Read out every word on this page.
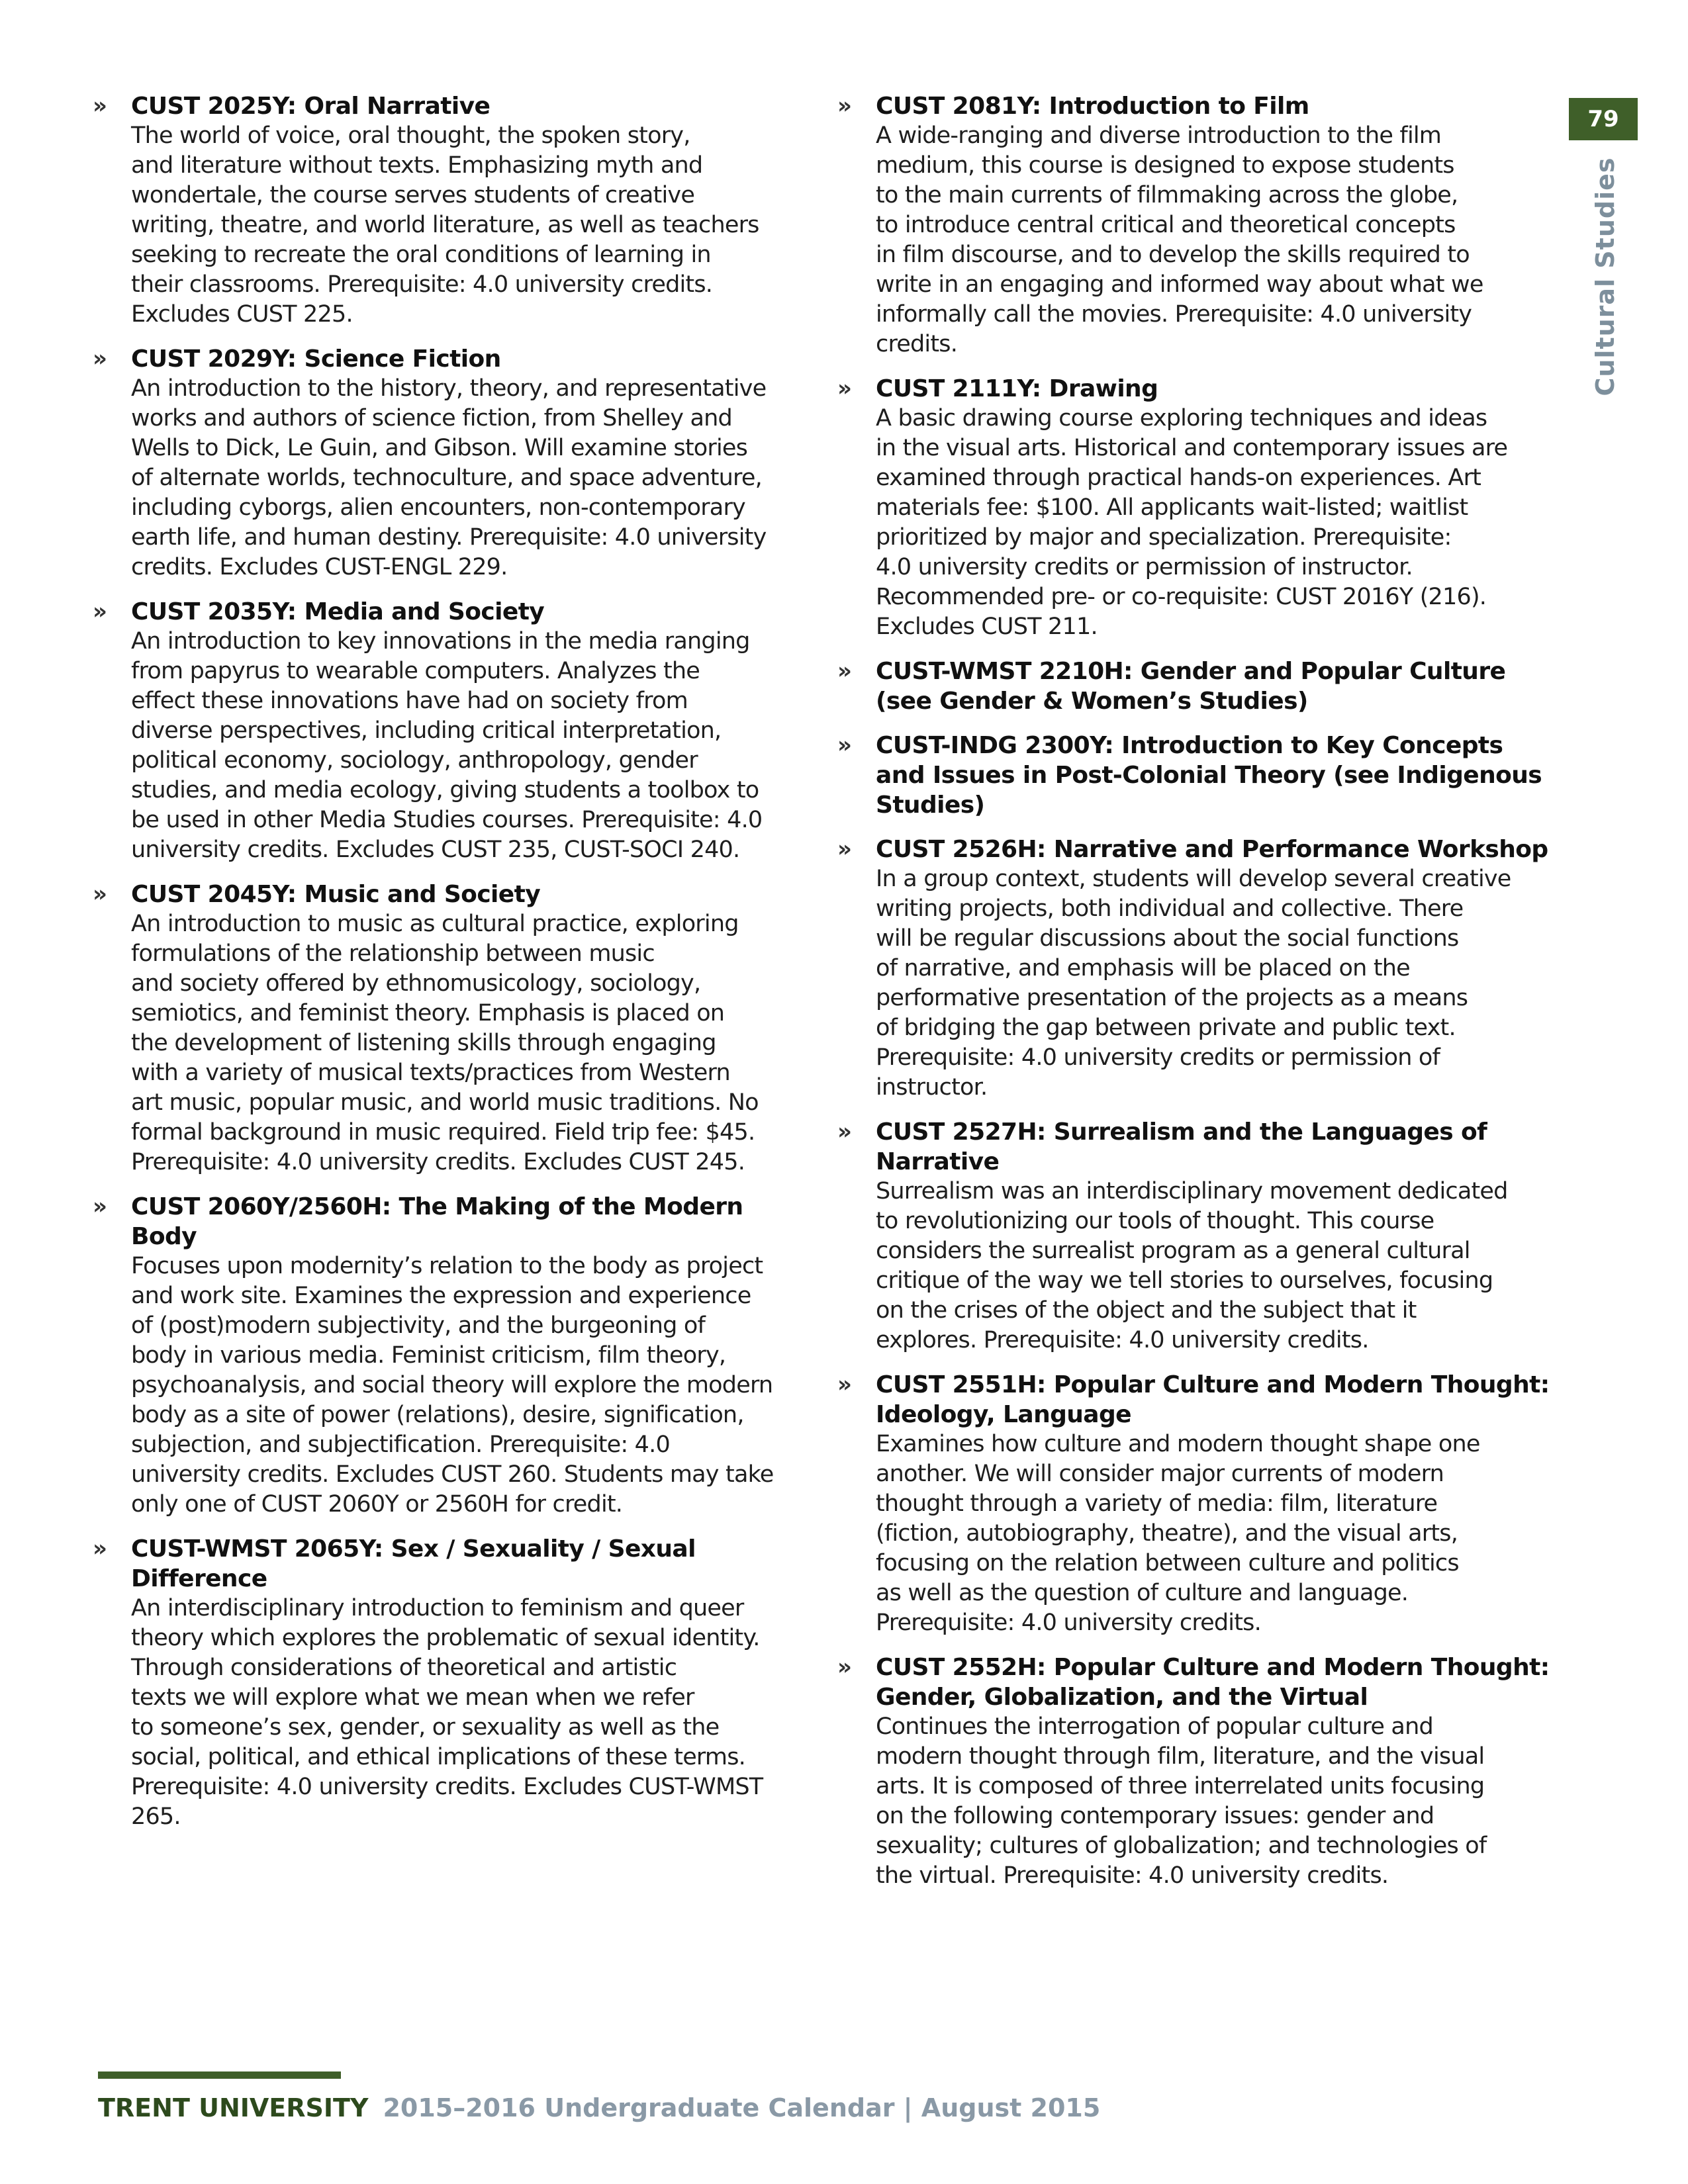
79
Cultural Studies
» CUST 2025Y: Oral Narrative
The world of voice, oral thought, the spoken story,
and literature without texts. Emphasizing myth and
wondertale, the course serves students of creative
writing, theatre, and world literature, as well as teachers
seeking to recreate the oral conditions of learning in
their classrooms. Prerequisite: 4.0 university credits.
Excludes CUST 225.
» CUST 2029Y: Science Fiction
An introduction to the history, theory, and representative
works and authors of science fiction, from Shelley and
Wells to Dick, Le Guin, and Gibson. Will examine stories
of alternate worlds, technoculture, and space adventure,
including cyborgs, alien encounters, non-contemporary
earth life, and human destiny. Prerequisite: 4.0 university
credits. Excludes CUST-ENGL 229.
» CUST 2035Y: Media and Society
An introduction to key innovations in the media ranging
from papyrus to wearable computers. Analyzes the
effect these innovations have had on society from
diverse perspectives, including critical interpretation,
political economy, sociology, anthropology, gender
studies, and media ecology, giving students a toolbox to
be used in other Media Studies courses. Prerequisite: 4.0
university credits. Excludes CUST 235, CUST-SOCI 240.
» CUST 2045Y: Music and Society
An introduction to music as cultural practice, exploring
formulations of the relationship between music
and society offered by ethnomusicology, sociology,
semiotics, and feminist theory. Emphasis is placed on
the development of listening skills through engaging
with a variety of musical texts/practices from Western
art music, popular music, and world music traditions. No
formal background in music required. Field trip fee: $45.
Prerequisite: 4.0 university credits. Excludes CUST 245.
» CUST 2060Y/2560H: The Making of the Modern
Body
Focuses upon modernity’s relation to the body as project
and work site. Examines the expression and experience
of (post)modern subjectivity, and the burgeoning of
body in various media. Feminist criticism, film theory,
psychoanalysis, and social theory will explore the modern
body as a site of power (relations), desire, signification,
subjection, and subjectification. Prerequisite: 4.0
university credits. Excludes CUST 260. Students may take
only one of CUST 2060Y or 2560H for credit.
» CUST-WMST 2065Y: Sex / Sexuality / Sexual
Difference
An interdisciplinary introduction to feminism and queer
theory which explores the problematic of sexual identity.
Through considerations of theoretical and artistic
texts we will explore what we mean when we refer
to someone’s sex, gender, or sexuality as well as the
social, political, and ethical implications of these terms.
Prerequisite: 4.0 university credits. Excludes CUST-WMST
265.
» CUST 2081Y: Introduction to Film
A wide-ranging and diverse introduction to the film
medium, this course is designed to expose students
to the main currents of filmmaking across the globe,
to introduce central critical and theoretical concepts
in film discourse, and to develop the skills required to
write in an engaging and informed way about what we
informally call the movies. Prerequisite: 4.0 university
credits.
» CUST 2111Y: Drawing
A basic drawing course exploring techniques and ideas
in the visual arts. Historical and contemporary issues are
examined through practical hands-on experiences. Art
materials fee: $100. All applicants wait-listed; waitlist
prioritized by major and specialization. Prerequisite:
4.0 university credits or permission of instructor.
Recommended pre- or co-requisite: CUST 2016Y (216).
Excludes CUST 211.
» CUST-WMST 2210H: Gender and Popular Culture
(see Gender & Women’s Studies)
» CUST-INDG 2300Y: Introduction to Key Concepts
and Issues in Post-Colonial Theory (see Indigenous
Studies)
» CUST 2526H: Narrative and Performance Workshop
In a group context, students will develop several creative
writing projects, both individual and collective. There
will be regular discussions about the social functions
of narrative, and emphasis will be placed on the
performative presentation of the projects as a means
of bridging the gap between private and public text.
Prerequisite: 4.0 university credits or permission of
instructor.
» CUST 2527H: Surrealism and the Languages of
Narrative
Surrealism was an interdisciplinary movement dedicated
to revolutionizing our tools of thought. This course
considers the surrealist program as a general cultural
critique of the way we tell stories to ourselves, focusing
on the crises of the object and the subject that it
explores. Prerequisite: 4.0 university credits.
» CUST 2551H: Popular Culture and Modern Thought:
Ideology, Language
Examines how culture and modern thought shape one
another. We will consider major currents of modern
thought through a variety of media: film, literature
(fiction, autobiography, theatre), and the visual arts,
focusing on the relation between culture and politics
as well as the question of culture and language.
Prerequisite: 4.0 university credits.
» CUST 2552H: Popular Culture and Modern Thought:
Gender, Globalization, and the Virtual
Continues the interrogation of popular culture and
modern thought through film, literature, and the visual
arts. It is composed of three interrelated units focusing
on the following contemporary issues: gender and
sexuality; cultures of globalization; and technologies of
the virtual. Prerequisite: 4.0 university credits.
TRENT UNIVERSITY 2015–2016 Undergraduate Calendar | August 2015
